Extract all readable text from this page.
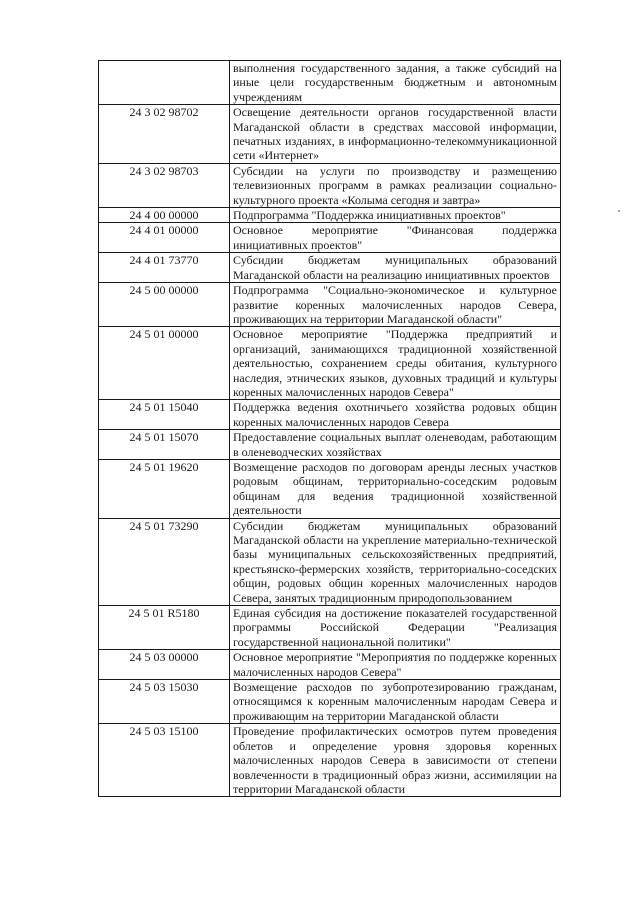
	выполнения государственного задания, а также субсидий на иные цели государственным бюджетным и автономным учреждениям
24 3 02 98702	Освещение деятельности органов государственной власти Магаданской области в средствах массовой информации, печатных изданиях, в информационно-телекоммуникационной сети «Интернет»
24 3 02 98703	Субсидии на услуги по производству и размещению телевизионных программ в рамках реализации социально-культурного проекта «Колыма сегодня и завтра»
24 4 00 00000	Подпрограмма "Поддержка инициативных проектов"
24 4 01 00000	Основное мероприятие "Финансовая поддержка инициативных проектов"
24 4 01 73770	Субсидии бюджетам муниципальных образований Магаданской области на реализацию инициативных проектов
24 5 00 00000	Подпрограмма "Социально-экономическое и культурное развитие коренных малочисленных народов Севера, проживающих на территории Магаданской области"
24 5 01 00000	Основное мероприятие "Поддержка предприятий и организаций, занимающихся традиционной хозяйственной деятельностью, сохранением среды обитания, культурного наследия, этнических языков, духовных традиций и культуры коренных малочисленных народов Севера"
24 5 01 15040	Поддержка ведения охотничьего хозяйства родовых общин коренных малочисленных народов Севера
24 5 01 15070	Предоставление социальных выплат оленеводам, работающим в оленеводческих хозяйствах
24 5 01 19620	Возмещение расходов по договорам аренды лесных участков родовым общинам, территориально-соседским родовым общинам для ведения традиционной хозяйственной деятельности
24 5 01 73290	Субсидии бюджетам муниципальных образований Магаданской области на укрепление материально-технической базы муниципальных сельскохозяйственных предприятий, крестьянско-фермерских хозяйств, территориально-соседских общин, родовых общин коренных малочисленных народов Севера, занятых традиционным природопользованием
24 5 01 R5180	Единая субсидия на достижение показателей государственной программы Российской Федерации "Реализация государственной национальной политики"
24 5 03 00000	Основное мероприятие "Мероприятия по поддержке коренных малочисленных народов Севера"
24 5 03 15030	Возмещение расходов по зубопротезированию гражданам, относящимся к коренным малочисленным народам Севера и проживающим на территории Магаданской области
24 5 03 15100	Проведение профилактических осмотров путем проведения облетов и определение уровня здоровья коренных малочисленных народов Севера в зависимости от степени вовлеченности в традиционный образ жизни, ассимиляции на территории Магаданской области
